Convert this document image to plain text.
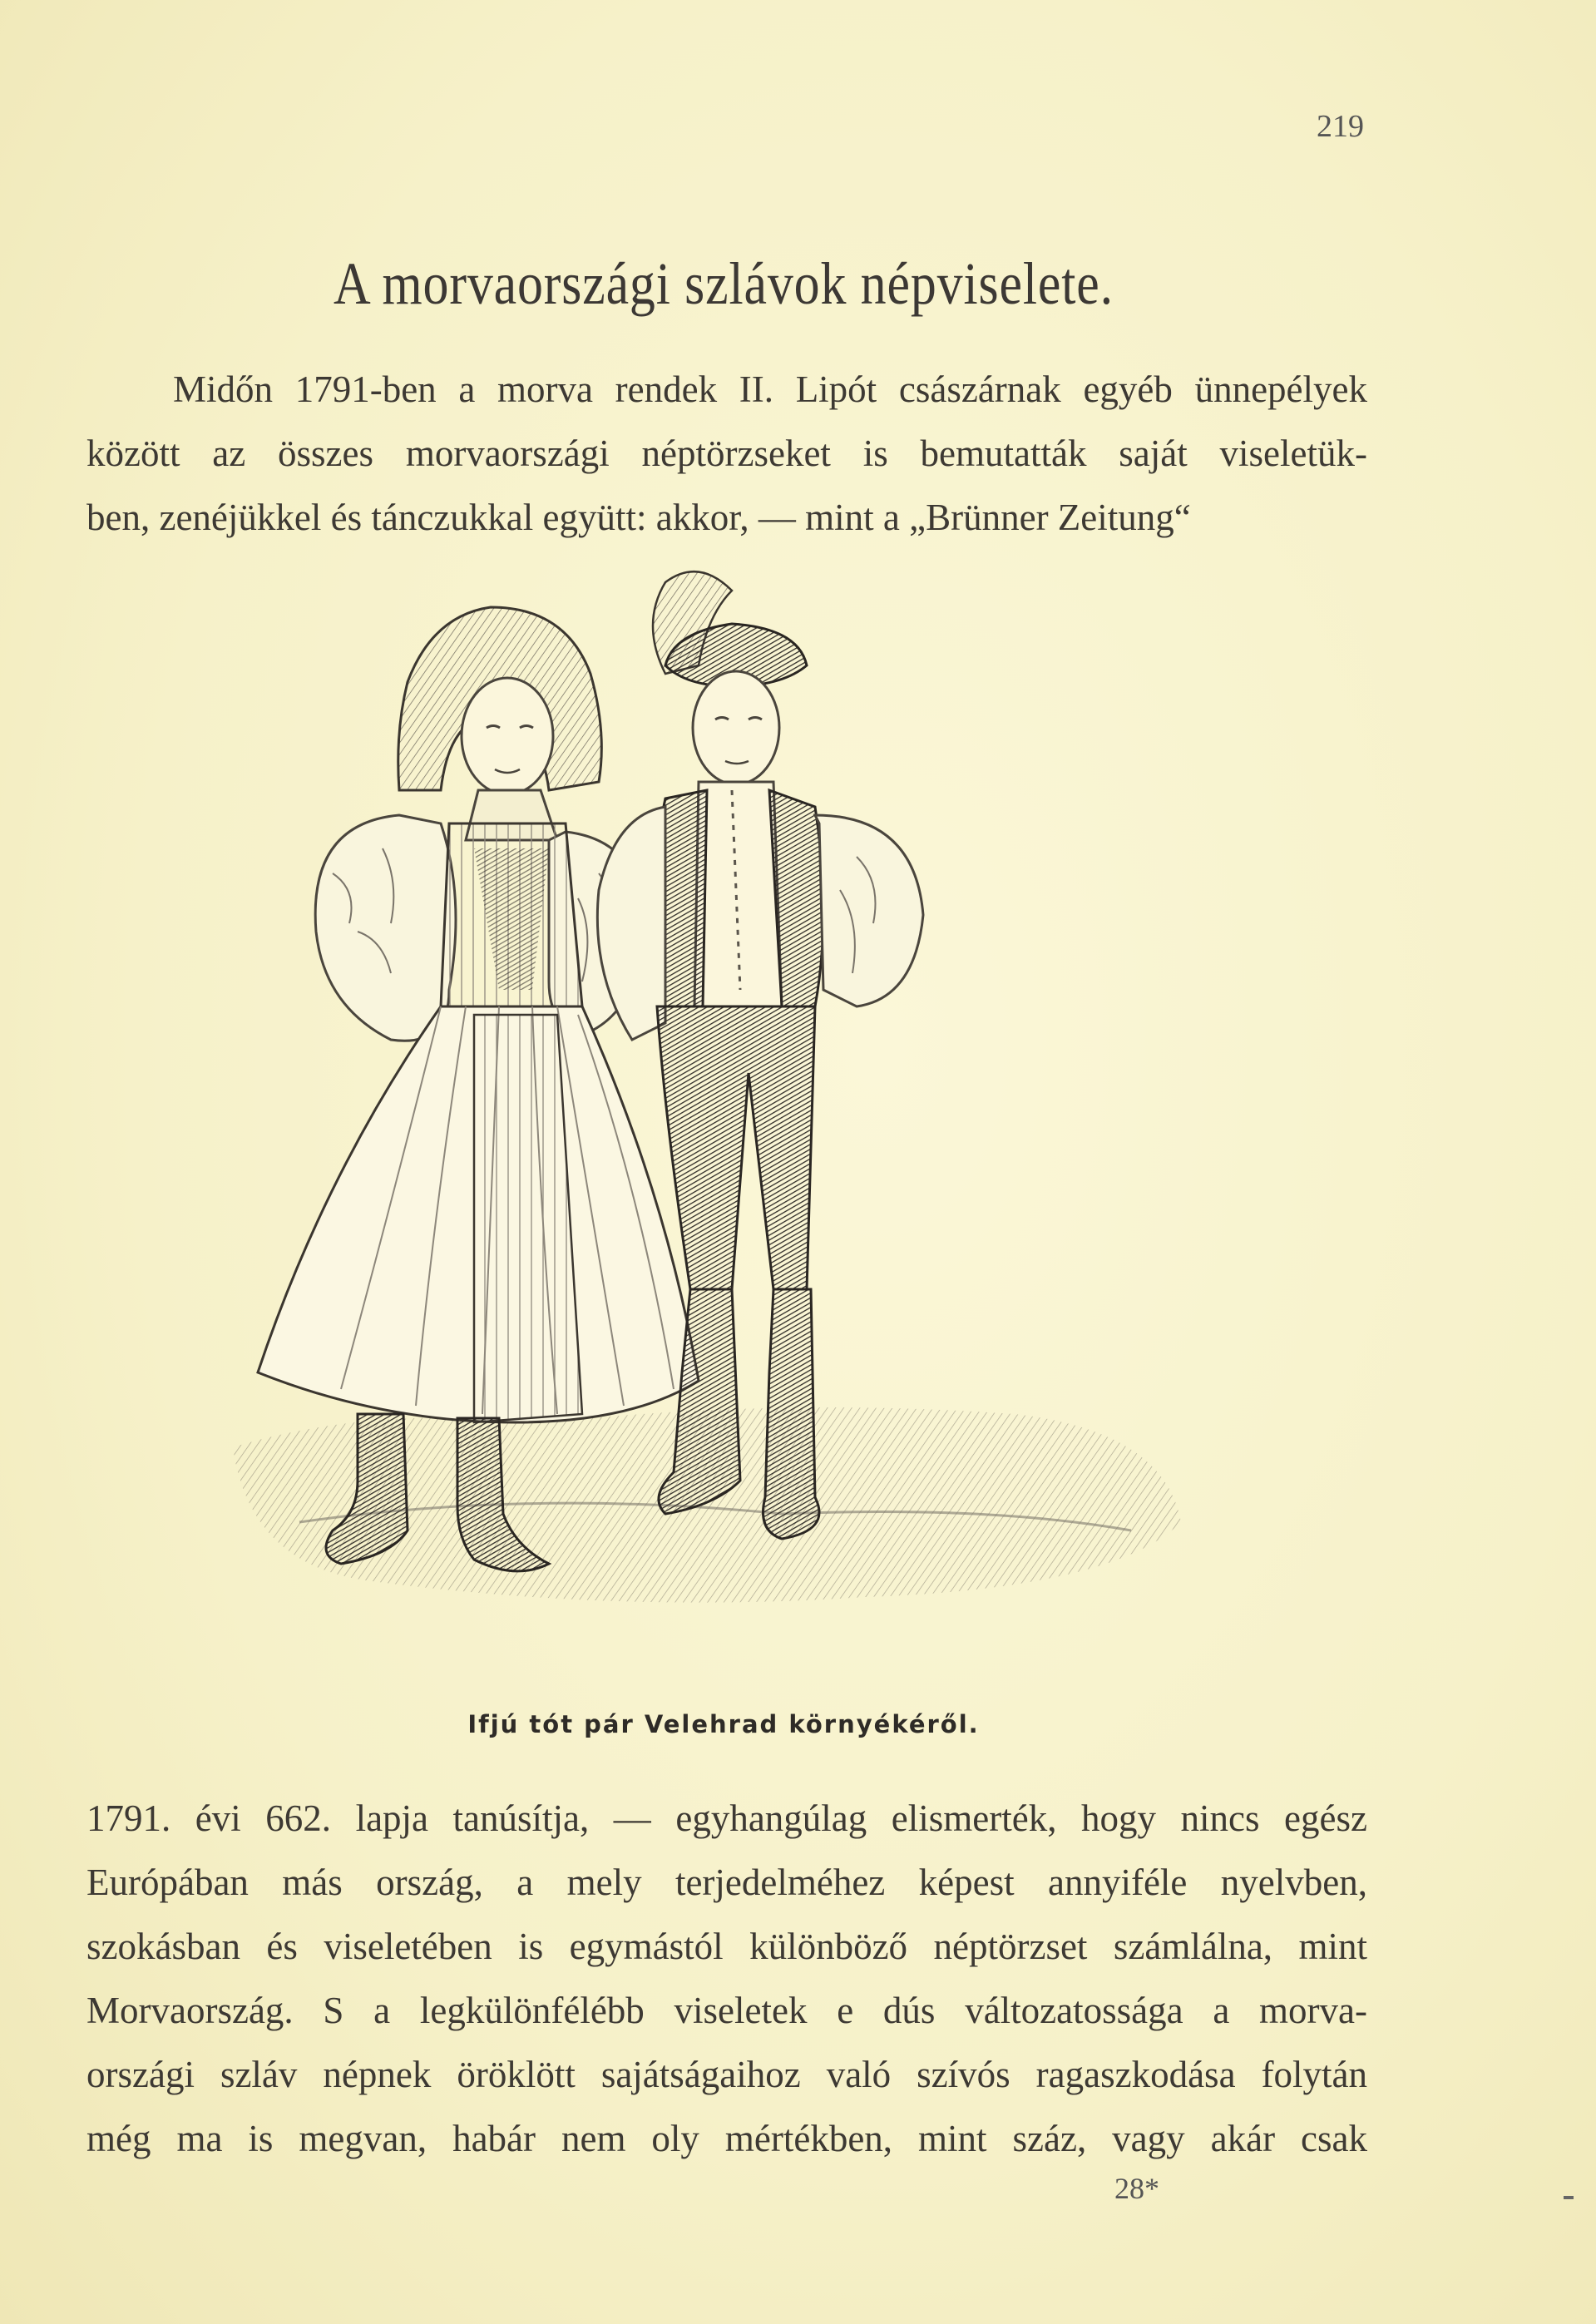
219
A morvaországi szlávok népviselete.
Midőn 1791-ben a morva rendek II. Lipót császárnak egyéb ünnepélyek
között az összes morvaországi néptörzseket is bemutatták saját viseletük-
ben, zenéjükkel és tánczukkal együtt: akkor, — mint a „Brünner Zeitung“
Ifjú tót pár Velehrad környékéről.
1791. évi 662. lapja tanúsítja, — egyhangúlag elismerték, hogy nincs egész
Európában más ország, a mely terjedelméhez képest annyiféle nyelvben,
szokásban és viseletében is egymástól különböző néptörzset számlálna, mint
Morvaország. S a legkülönfélébb viseletek e dús változatossága a morva-
országi szláv népnek öröklött sajátságaihoz való szívós ragaszkodása folytán
még ma is megvan, habár nem oly mértékben, mint száz, vagy akár csak
28*
